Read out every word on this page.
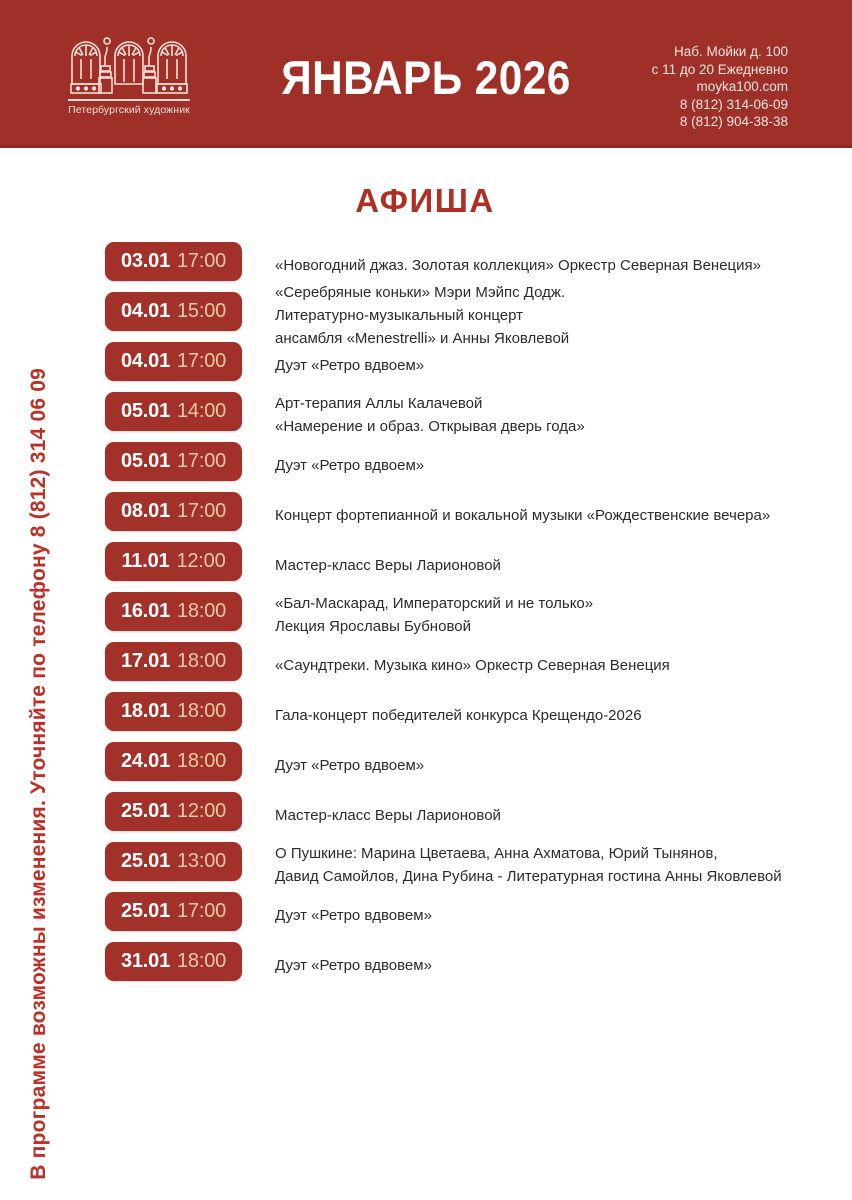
Петербургский художник
ЯНВАРЬ 2026	Наб. Мойки д. 100
с 11 до 20 Ежедневно
moyka100.com
8 (812) 314-06-09
8 (812) 904-38-38
В программе возможны изменения. Уточняйте по телефону 8 (812) 314 06 09
АФИША
03.01 17:00	«Новогодний джаз. Золотая коллекция» Оркестр Северная Венеция»
04.01 15:00
«Серебряные коньки» Мэри Мэйпс Додж.
Литературно-музыкальный концерт
ансамбля «Menestrelli» и Анны Яковлевой
04.01 17:00	Дуэт «Ретро вдвоем»
05.01 14:00	Арт-терапия Аллы Калачевой
«Намерение и образ. Открывая дверь года»
05.01 17:00	Дуэт «Ретро вдвоем»
08.01 17:00	Концерт фортепианной и вокальной музыки «Рождественские вечера»
11.01 12:00	Мастер-класс Веры Ларионовой
16.01 18:00	«Бал-Маскарад, Императорский и не только»
Лекция Ярославы Бубновой
17.01 18:00	«Саундтреки. Музыка кино» Оркестр Северная Венеция
18.01 18:00	Гала-концерт победителей конкурса Крещендо-2026
24.01 18:00	Дуэт «Ретро вдвоем»
25.01 12:00	Мастер-класс Веры Ларионовой
25.01 13:00	О Пушкине: Марина Цветаева, Анна Ахматова, Юрий Тынянов,
Давид Самойлов, Дина Рубина - Литературная гостина Анны Яковлевой
25.01 17:00	Дуэт «Ретро вдвовем»
31.01 18:00	Дуэт «Ретро вдвовем»
